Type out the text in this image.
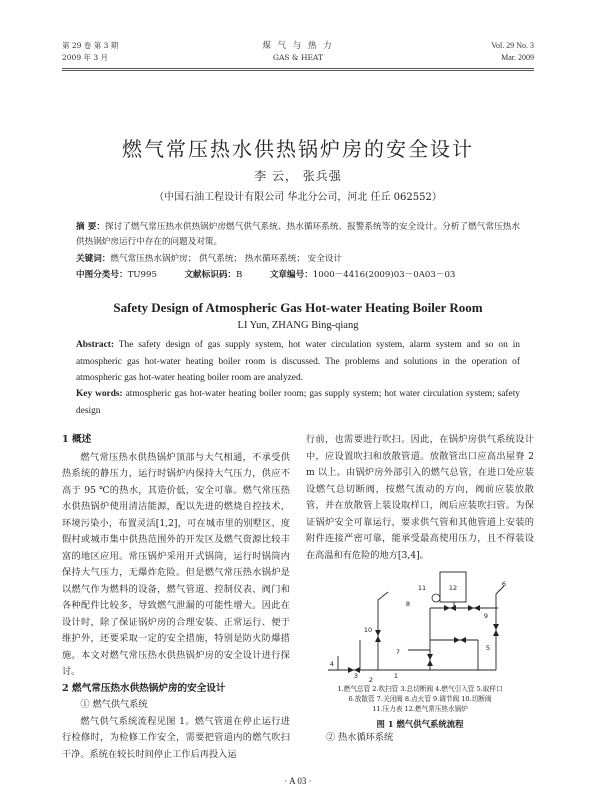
第 29 卷 第 3 期
2009 年 3 月
煤 气 与 热 力
GAS & HEAT
Vol. 29 No. 3
Mar. 2009
燃气常压热水供热锅炉房的安全设计
李 云， 张兵强
（中国石油工程设计有限公司 华北分公司，河北 任丘 062552）
摘 要：探讨了燃气常压热水供热锅炉房燃气供气系统、热水循环系统、报警系统等的安全设计。分析了燃气常压热水供热锅炉房运行中存在的问题及对策。
关键词：燃气常压热水锅炉房； 供气系统； 热水循环系统； 安全设计
中图分类号：TU995	文献标识码：B	文章编号：1000－4416(2009)03－0A03－03
Safety Design of Atmospheric Gas Hot-water Heating Boiler Room
LI Yun, ZHANG Bing-qiang
Abstract: The safety design of gas supply system, hot water circulation system, alarm system and so on in atmospheric gas hot-water heating boiler room is discussed. The problems and solutions in the operation of atmospheric gas hot-water heating boiler room are analyzed.
Key words: atmospheric gas hot-water heating boiler room; gas supply system; hot water circulation system; safety design
1 概述
燃气常压热水供热锅炉顶部与大气相通，不承受供热系统的静压力，运行时锅炉内保持大气压力，供应不高于 95 ℃的热水，其造价低，安全可靠。燃气常压热水供热锅炉使用清洁能源，配以先进的燃烧自控技术，环境污染小，布置灵活[1,2]，可在城市里的别墅区、度假村或城市集中供热范围外的开发区及燃气资源比较丰富的地区应用。常压锅炉采用开式锅筒，运行时锅筒内保持大气压力，无爆炸危险。但是燃气常压热水锅炉是以燃气作为燃料的设备，燃气管道、控制仪表、阀门和各种配件比较多，导致燃气泄漏的可能性增大。因此在设计时，除了保证锅炉房的合理安装、正常运行、便于维护外，还要采取一定的安全措施，特别是防火防爆措施。本文对燃气常压热水供热锅炉房的安全设计进行探讨。
2 燃气常压热水供热锅炉房的安全设计
① 燃气供气系统
燃气供气系统流程见图 1。燃气管道在停止运行进行检修时，为检修工作安全，需要把管道内的燃气吹扫干净。系统在较长时间停止工作后再投入运
行前，也需要进行吹扫。因此，在锅炉房供气系统设计中，应设置吹扫和放散管道。放散管出口应高出屋脊 2 m 以上。由锅炉房外部引入的燃气总管，在进口处应装设燃气总切断阀，按燃气流动的方向，阀前应装放散管，并在放散管上装设取样口，阀后应装吹扫管。为保证锅炉安全可靠运行，要求供气管和其他管道上安装的附件连接严密可靠，能承受最高使用压力，且不得装设在高温和有危险的地方[3,4]。
1
2
3
4
5
6
7
8
9
10
11	12
1.燃气总管 2.吹扫管 3.总切断阀 4.燃气引入管 5.取样口
6.放散管 7.关闭阀 8.点火管 9.调节阀 10.切断阀
11.压力表 12.燃气常压热水锅炉
图 1 燃气供气系统流程
② 热水循环系统
· A 03 ·
